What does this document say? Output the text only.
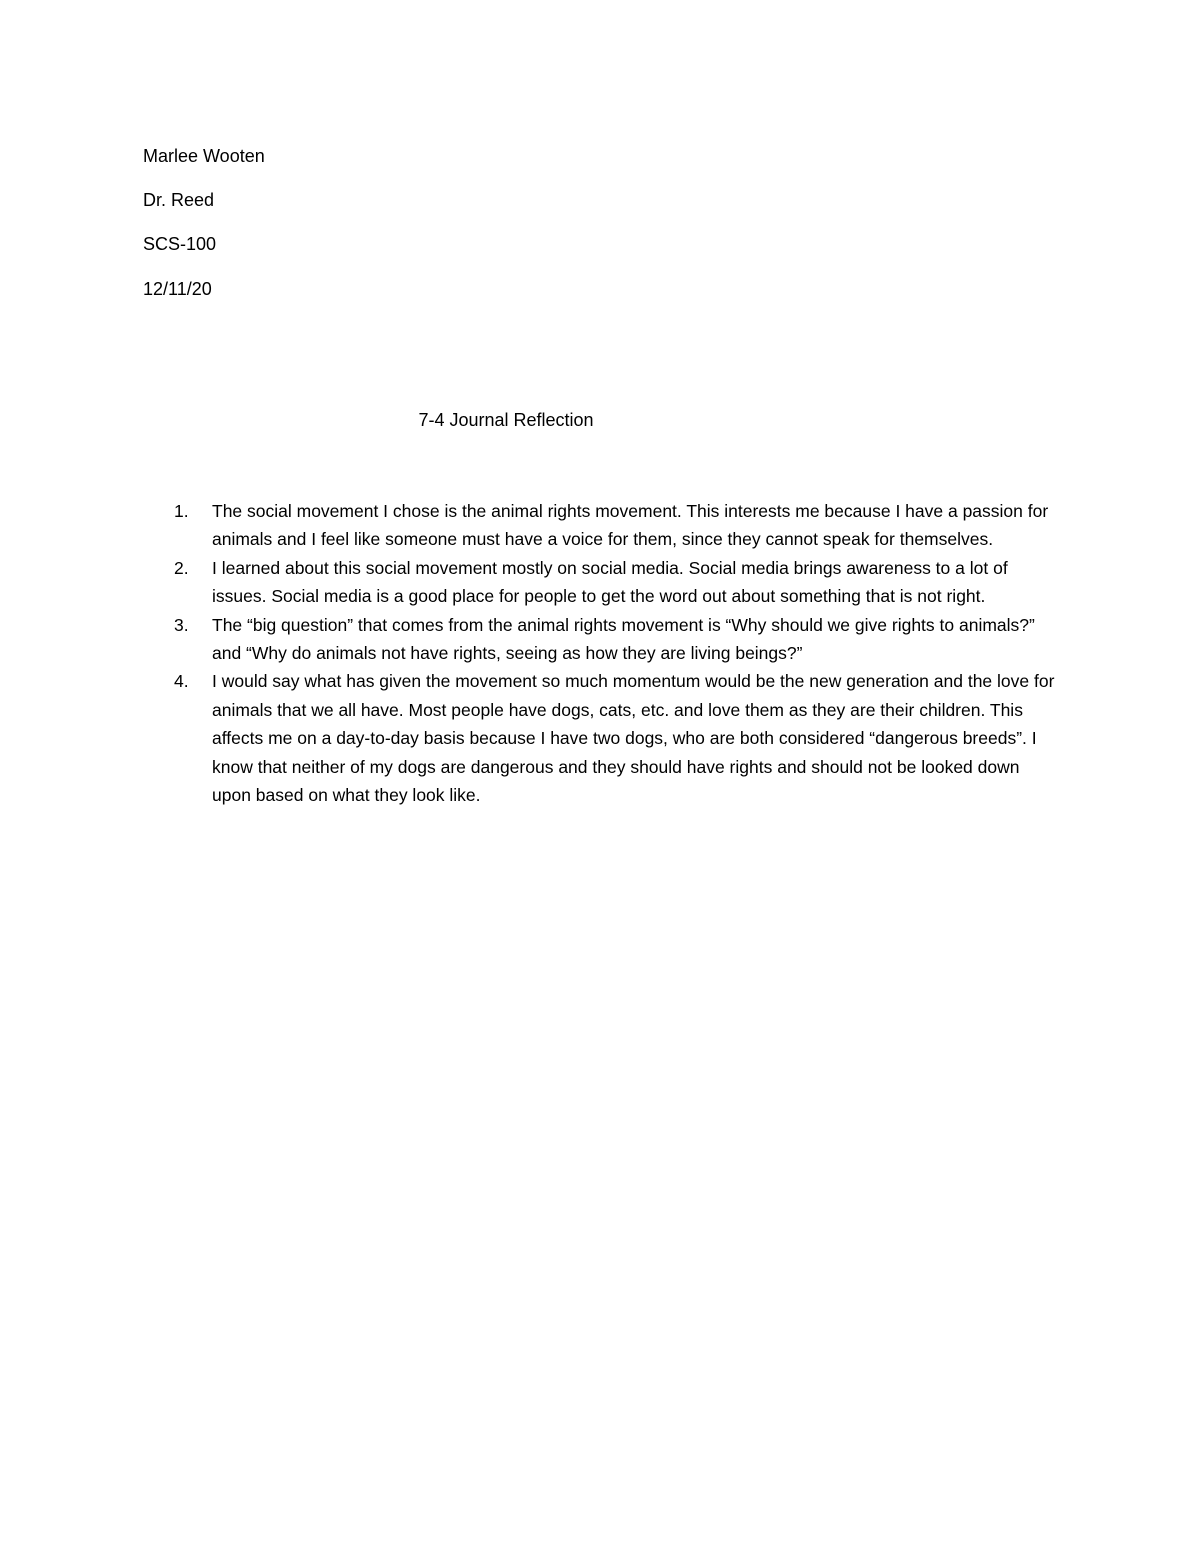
Marlee Wooten
Dr. Reed
SCS-100
12/11/20
7-4 Journal Reflection
1. The social movement I chose is the animal rights movement. This interests me because I have a passion for animals and I feel like someone must have a voice for them, since they cannot speak for themselves.
2. I learned about this social movement mostly on social media. Social media brings awareness to a lot of issues. Social media is a good place for people to get the word out about something that is not right.
3. The “big question” that comes from the animal rights movement is “Why should we give rights to animals?” and “Why do animals not have rights, seeing as how they are living beings?”
4. I would say what has given the movement so much momentum would be the new generation and the love for animals that we all have. Most people have dogs, cats, etc. and love them as they are their children. This affects me on a day-to-day basis because I have two dogs, who are both considered “dangerous breeds”. I know that neither of my dogs are dangerous and they should have rights and should not be looked down upon based on what they look like.
